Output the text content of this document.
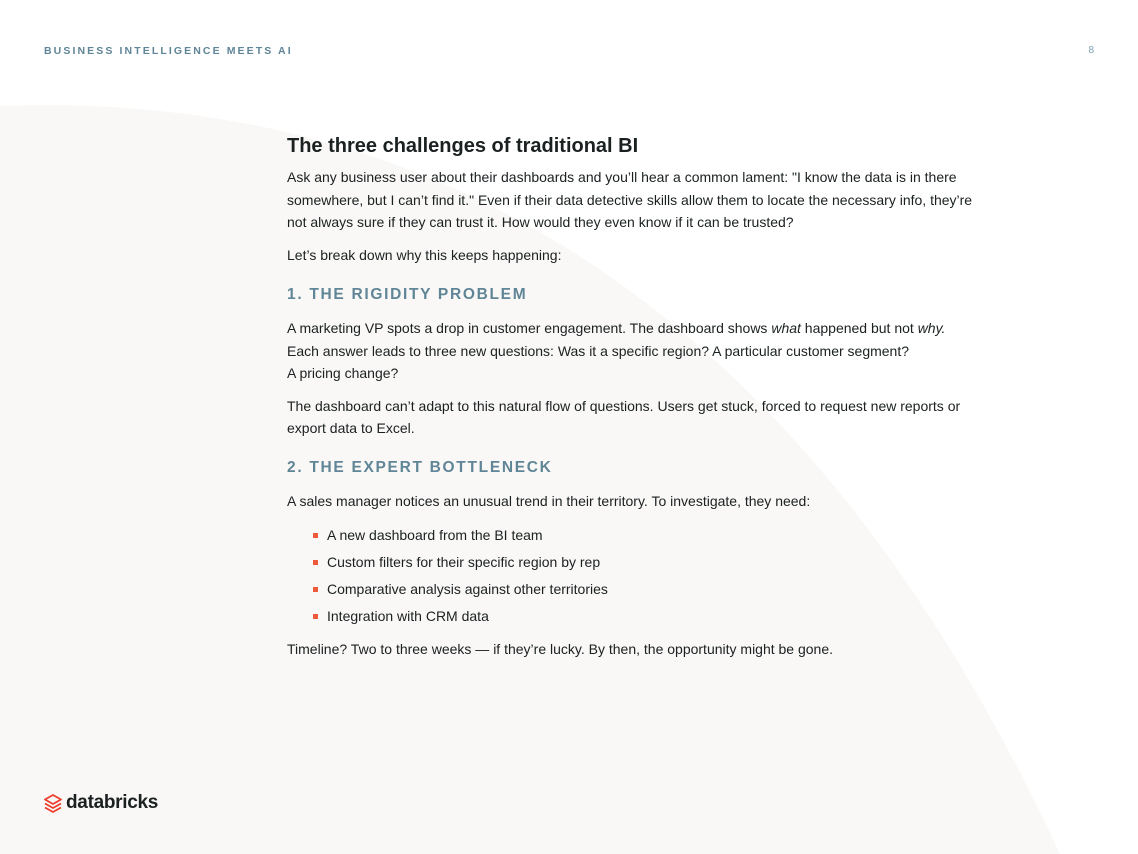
BUSINESS INTELLIGENCE MEETS AI	8
The three challenges of traditional BI

Ask any business user about their dashboards and you’ll hear a common lament: "I know the data is in there somewhere, but I can’t find it." Even if their data detective skills allow them to locate the necessary info, they’re not always sure if they can trust it. How would they even know if it can be trusted?

Let’s break down why this keeps happening:

1. THE RIGIDITY PROBLEM

A marketing VP spots a drop in customer engagement. The dashboard shows what happened but not why.
Each answer leads to three new questions: Was it a specific region? A particular customer segment?
A pricing change?

The dashboard can’t adapt to this natural flow of questions. Users get stuck, forced to request new reports or export data to Excel.

2. THE EXPERT BOTTLENECK

A sales manager notices an unusual trend in their territory. To investigate, they need:

A new dashboard from the BI team
Custom filters for their specific region by rep
Comparative analysis against other territories
Integration with CRM data

Timeline? Two to three weeks — if they’re lucky. By then, the opportunity might be gone.

databricks
